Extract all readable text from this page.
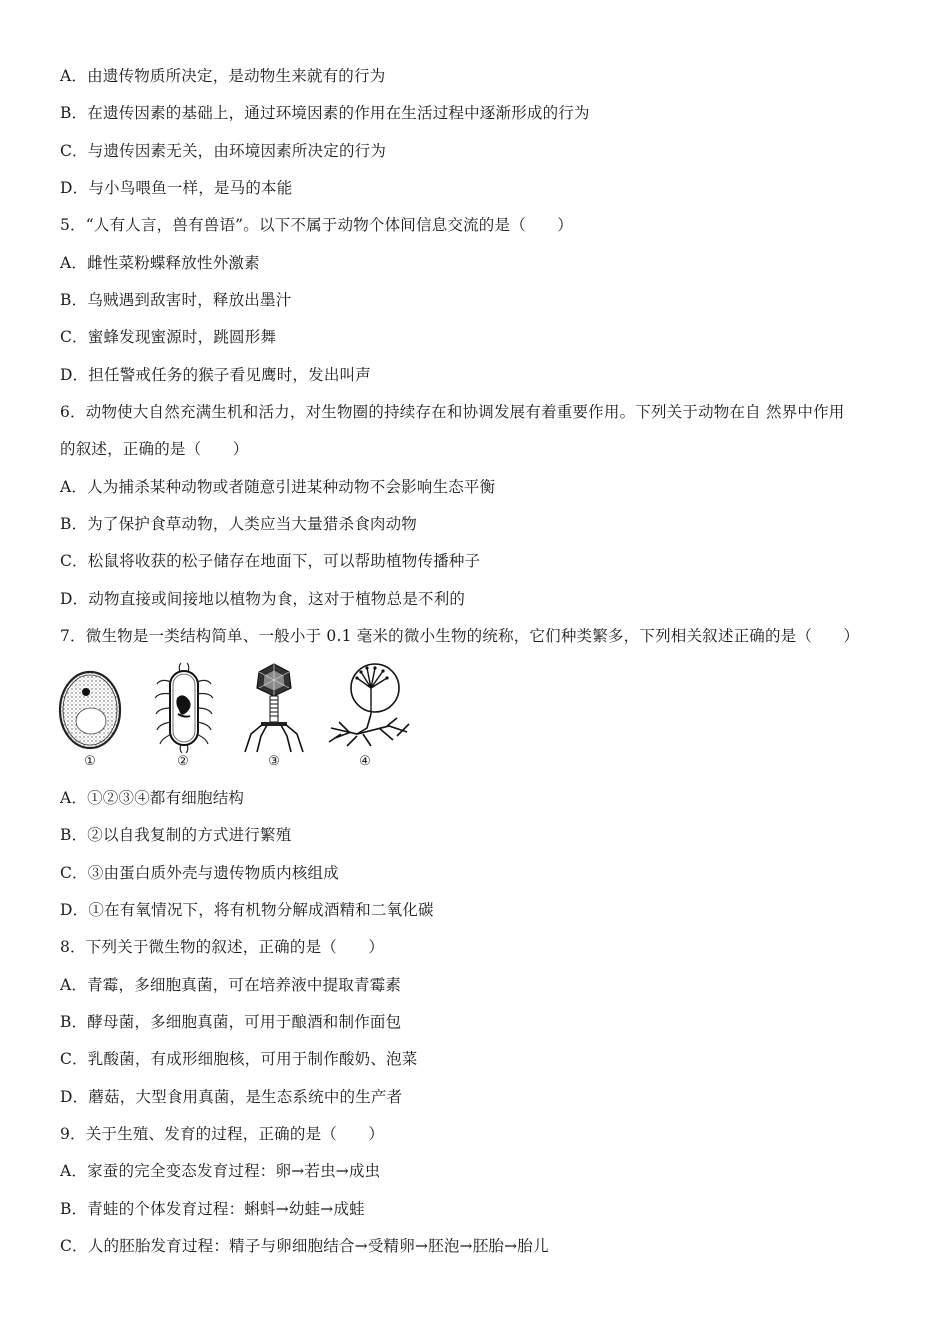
A．由遗传物质所决定，是动物生来就有的行为
B．在遗传因素的基础上，通过环境因素的作用在生活过程中逐渐形成的行为
C．与遗传因素无关，由环境因素所决定的行为
D．与小鸟喂鱼一样，是马的本能
5．“人有人言，兽有兽语”。以下不属于动物个体间信息交流的是（　　）
A．雌性菜粉蝶释放性外激素
B．乌贼遇到敌害时，释放出墨汁
C．蜜蜂发现蜜源时，跳圆形舞
D．担任警戒任务的猴子看见鹰时，发出叫声
6．动物使大自然充满生机和活力，对生物圈的持续存在和协调发展有着重要作用。下列关于动物在自 然界中作用
的叙述，正确的是（　　）
A．人为捕杀某种动物或者随意引进某种动物不会影响生态平衡
B．为了保护食草动物，人类应当大量猎杀食肉动物
C．松鼠将收获的松子储存在地面下，可以帮助植物传播种子
D．动物直接或间接地以植物为食，这对于植物总是不利的
7．微生物是一类结构简单、一般小于 0.1 毫米的微小生物的统称，它们种类繁多，下列相关叙述正确的是（　　）
①	②	③	④
A．①②③④都有细胞结构
B．②以自我复制的方式进行繁殖
C．③由蛋白质外壳与遗传物质内核组成
D．①在有氧情况下，将有机物分解成酒精和二氧化碳
8．下列关于微生物的叙述，正确的是（　　）
A．青霉，多细胞真菌，可在培养液中提取青霉素
B．酵母菌，多细胞真菌，可用于酿酒和制作面包
C．乳酸菌，有成形细胞核，可用于制作酸奶、泡菜
D．蘑菇，大型食用真菌，是生态系统中的生产者
9．关于生殖、发育的过程，正确的是（　　）
A．家蚕的完全变态发育过程：卵→若虫→成虫
B．青蛙的个体发育过程：蝌蚪→幼蛙→成蛙
C．人的胚胎发育过程：精子与卵细胞结合→受精卵→胚泡→胚胎→胎儿
